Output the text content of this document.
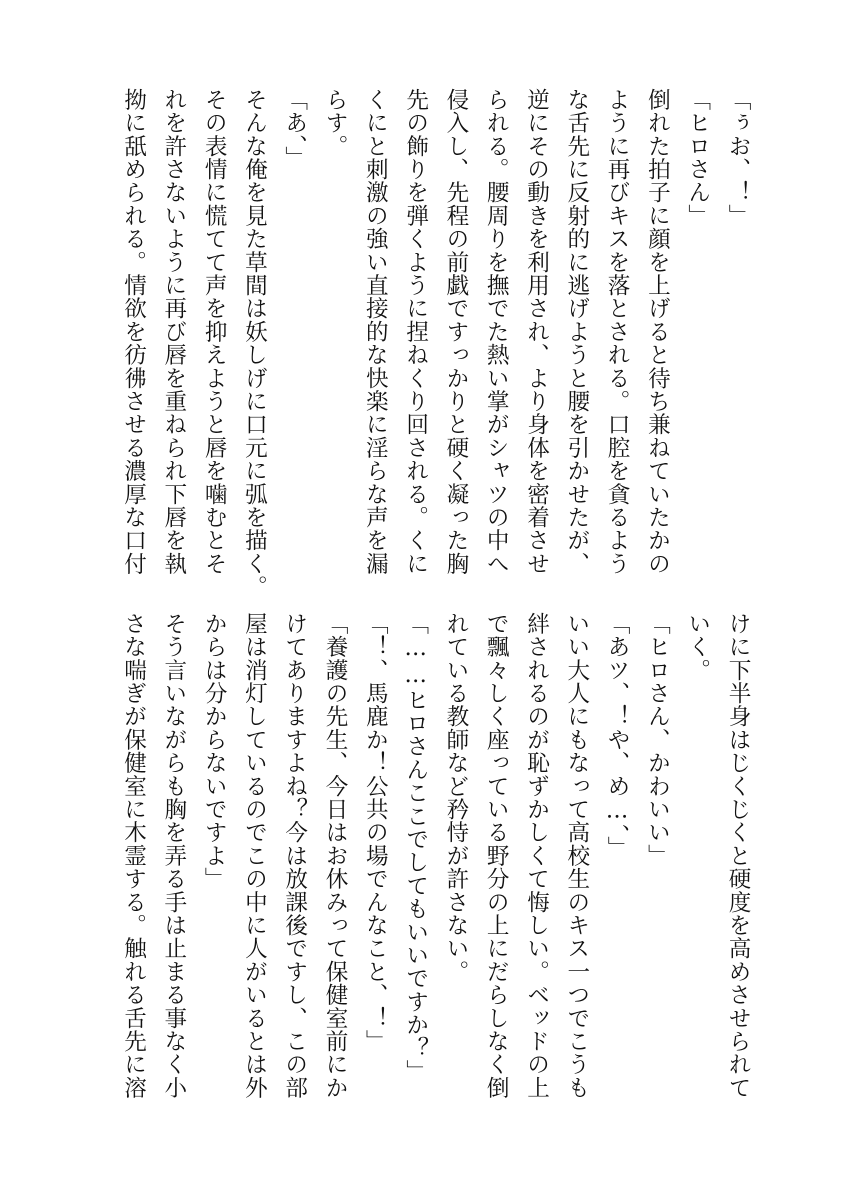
「ぅお、！」
「ヒロさん」
倒れた拍子に顔を上げると待ち兼ねていたかの
ように再びキスを落とされる。口腔を貪るよう
な舌先に反射的に逃げようと腰を引かせたが、
逆にその動きを利用され、より身体を密着させ
られる。腰周りを撫でた熱い掌がシャツの中へ
侵入し、先程の前戯ですっかりと硬く凝った胸
先の飾りを弾くように捏ねくり回される。くに
くにと刺激の強い直接的な快楽に淫らな声を漏
らす。
「あ、」
そんな俺を見た草間は妖しげに口元に弧を描く。
その表情に慌てて声を抑えようと唇を噛むとそ
れを許さないように再び唇を重ねられ下唇を執
拗に舐められる。情欲を彷彿させる濃厚な口付
けに下半身はじくじくと硬度を高めさせられて
いく。
「ヒロさん、かわいい」
「あツ、！や、め…、」
いい大人にもなって高校生のキス一つでこうも
絆されるのが恥ずかしくて悔しい。ベッドの上
で飄々しく座っている野分の上にだらしなく倒
れている教師など矜恃が許さない。
「……ヒロさんここでしてもいいですか？」
「！、馬鹿か！公共の場でんなこと、！」
「養護の先生、今日はお休みって保健室前にか
けてありますよね？今は放課後ですし、この部
屋は消灯しているのでこの中に人がいるとは外
からは分からないですよ」
そう言いながらも胸を弄る手は止まる事なく小
さな喘ぎが保健室に木霊する。触れる舌先に溶
